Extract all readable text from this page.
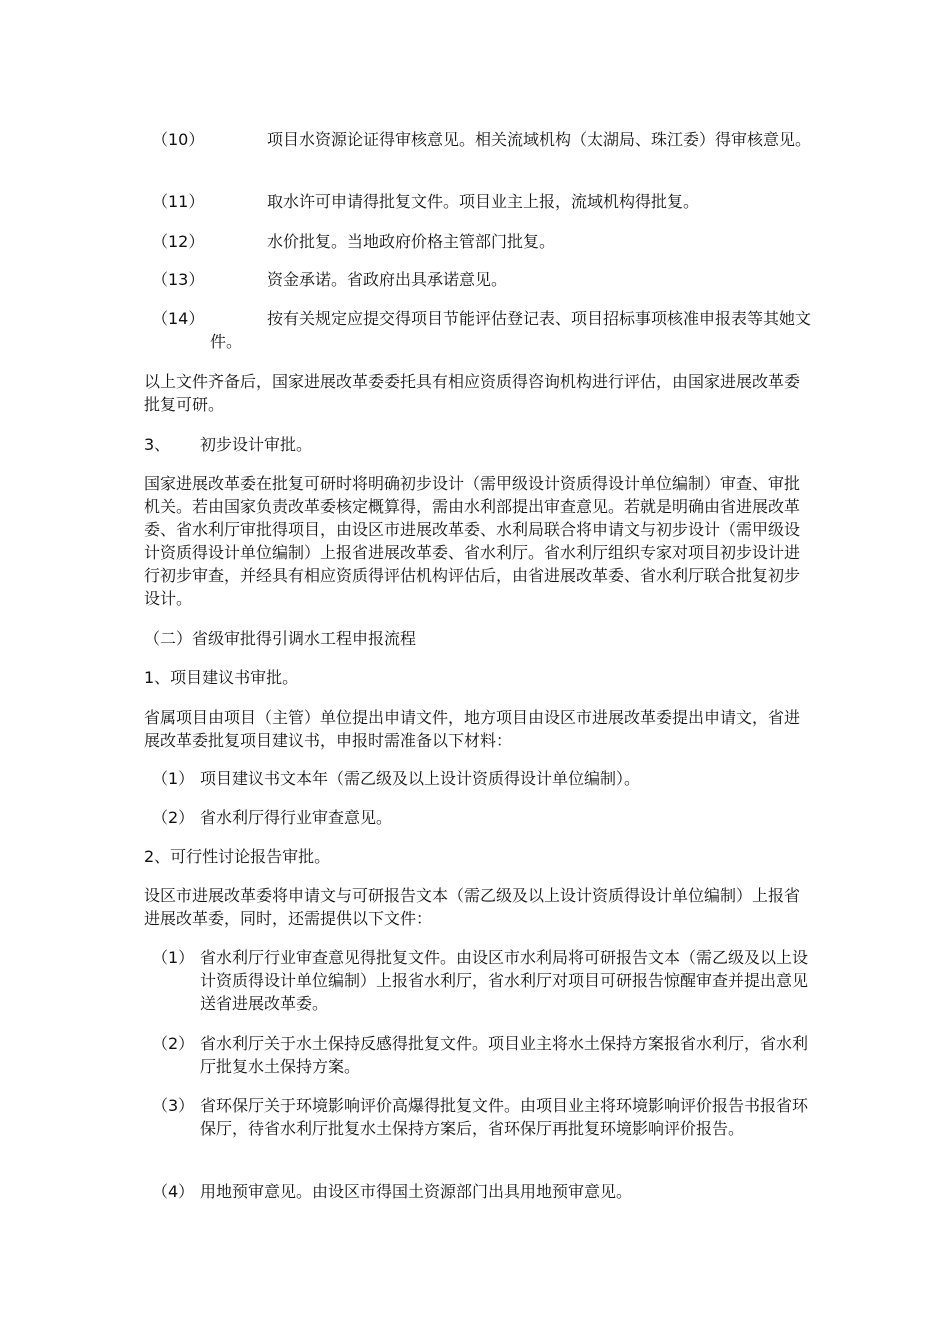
（10）	项目水资源论证得审核意见。相关流域机构（太湖局、珠江委）得审核意见。
（11）	取水许可申请得批复文件。项目业主上报，流域机构得批复。
（12）	水价批复。当地政府价格主管部门批复。
（13）	资金承诺。省政府出具承诺意见。
（14）	按有关规定应提交得项目节能评估登记表、项目招标事项核准申报表等其她文件。

以上文件齐备后，国家进展改革委委托具有相应资质得咨询机构进行评估，由国家进展改革委批复可研。

3、	初步设计审批。

国家进展改革委在批复可研时将明确初步设计（需甲级设计资质得设计单位编制）审查、审批机关。若由国家负责改革委核定概算得，需由水利部提出审查意见。若就是明确由省进展改革委、省水利厅审批得项目，由设区市进展改革委、水利局联合将申请文与初步设计（需甲级设计资质得设计单位编制）上报省进展改革委、省水利厅。省水利厅组织专家对项目初步设计进行初步审查，并经具有相应资质得评估机构评估后，由省进展改革委、省水利厅联合批复初步设计。

（二）省级审批得引调水工程申报流程

1、项目建议书审批。

省属项目由项目（主管）单位提出申请文件，地方项目由设区市进展改革委提出申请文，省进展改革委批复项目建议书，申报时需准备以下材料：

（1） 项目建议书文本年（需乙级及以上设计资质得设计单位编制）。
（2） 省水利厅得行业审查意见。

2、可行性讨论报告审批。

设区市进展改革委将申请文与可研报告文本（需乙级及以上设计资质得设计单位编制）上报省进展改革委，同时，还需提供以下文件：

（1） 省水利厅行业审查意见得批复文件。由设区市水利局将可研报告文本（需乙级及以上设计资质得设计单位编制）上报省水利厅，省水利厅对项目可研报告惊醒审查并提出意见送省进展改革委。
（2） 省水利厅关于水土保持反感得批复文件。项目业主将水土保持方案报省水利厅，省水利厅批复水土保持方案。
（3） 省环保厅关于环境影响评价高爆得批复文件。由项目业主将环境影响评价报告书报省环保厅，待省水利厅批复水土保持方案后，省环保厅再批复环境影响评价报告。
（4） 用地预审意见。由设区市得国土资源部门出具用地预审意见。
